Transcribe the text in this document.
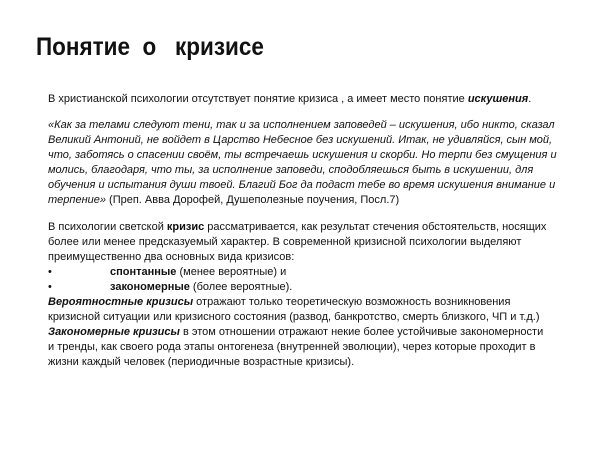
Понятие  о   кризисе
В христианской психологии отсутствует понятие кризиса , а имеет место понятие искушения.
«Как за телами следуют тени, так и за исполнением заповедей – искушения, ибо никто, сказал
Великий Антоний, не войдет в Царство Небесное без искушений. Итак, не удивляйся, сын мой,
что, заботясь о спасении своём, ты встречаешь искушения и скорби. Но терпи без смущения и
молись, благодаря, что ты, за исполнение заповеди, сподобляешься быть в искушении, для
обучения и испытания души твоей. Благий Бог да подаст тебе во время искушения внимание и
терпение» (Преп. Авва Дорофей, Душеполезные поучения, Посл.7)
В психологии светской кризис рассматривается, как результат стечения обстоятельств, носящих
более или менее предсказуемый характер. В современной кризисной психологии выделяют
преимущественно два основных вида кризисов:
•	спонтанные (менее вероятные) и
•	закономерные (более вероятные).
Вероятностные кризисы отражают только теоретическую возможность возникновения
кризисной ситуации или кризисного состояния (развод, банкротство, смерть близкого, ЧП и т.д.)
Закономерные кризисы в этом отношении отражают некие более устойчивые закономерности
и тренды, как своего рода этапы онтогенеза (внутренней эволюции), через которые проходит в
жизни каждый человек (периодичные возрастные кризисы).
